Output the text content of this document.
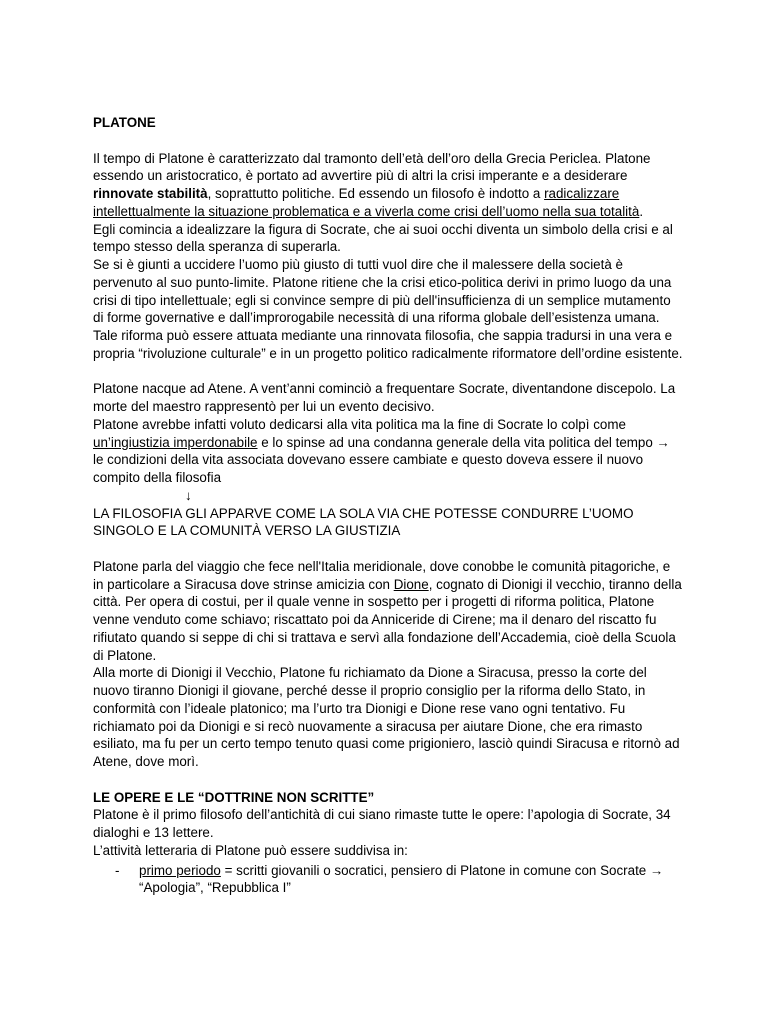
PLATONE

Il tempo di Platone è caratterizzato dal tramonto dell’età dell’oro della Grecia Periclea. Platone essendo un aristocratico, è portato ad avvertire più di altri la crisi imperante e a desiderare rinnovate stabilità, soprattutto politiche. Ed essendo un filosofo è indotto a radicalizzare intellettualmente la situazione problematica e a viverla come crisi dell’uomo nella sua totalità.

Egli comincia a idealizzare la figura di Socrate, che ai suoi occhi diventa un simbolo della crisi e al tempo stesso della speranza di superarla.

Se si è giunti a uccidere l’uomo più giusto di tutti vuol dire che il malessere della società è pervenuto al suo punto-limite. Platone ritiene che la crisi etico-politica derivi in primo luogo da una crisi di tipo intellettuale; egli si convince sempre di più dell'insufficienza di un semplice mutamento di forme governative e dall’improrogabile necessità di una riforma globale dell’esistenza umana. Tale riforma può essere attuata mediante una rinnovata filosofia, che sappia tradursi in una vera e propria “rivoluzione culturale” e in un progetto politico radicalmente riformatore dell’ordine esistente.

Platone nacque ad Atene. A vent’anni cominciò a frequentare Socrate, diventandone discepolo. La morte del maestro rappresentò per lui un evento decisivo.

Platone avrebbe infatti voluto dedicarsi alla vita politica ma la fine di Socrate lo colpì come un’ingiustizia imperdonabile e lo spinse ad una condanna generale della vita politica del tempo → le condizioni della vita associata dovevano essere cambiate e questo doveva essere il nuovo compito della filosofia

↓

LA FILOSOFIA GLI APPARVE COME LA SOLA VIA CHE POTESSE CONDURRE L’UOMO SINGOLO E LA COMUNITÀ VERSO LA GIUSTIZIA

Platone parla del viaggio che fece nell'Italia meridionale, dove conobbe le comunità pitagoriche, e in particolare a Siracusa dove strinse amicizia con Dione, cognato di Dionigi il vecchio, tiranno della città. Per opera di costui, per il quale venne in sospetto per i progetti di riforma politica, Platone venne venduto come schiavo; riscattato poi da Anniceride di Cirene; ma il denaro del riscatto fu rifiutato quando si seppe di chi si trattava e servì alla fondazione dell’Accademia, cioè della Scuola di Platone.

Alla morte di Dionigi il Vecchio, Platone fu richiamato da Dione a Siracusa, presso la corte del nuovo tiranno Dionigi il giovane, perché desse il proprio consiglio per la riforma dello Stato, in conformità con l’ideale platonico; ma l’urto tra Dionigi e Dione rese vano ogni tentativo. Fu richiamato poi da Dionigi e si recò nuovamente a siracusa per aiutare Dione, che era rimasto esiliato, ma fu per un certo tempo tenuto quasi come prigioniero, lasciò quindi Siracusa e ritornò ad Atene, dove morì.

LE OPERE E LE “DOTTRINE NON SCRITTE”

Platone è il primo filosofo dell’antichità di cui siano rimaste tutte le opere: l’apologia di Socrate, 34 dialoghi e 13 lettere.

L’attività letteraria di Platone può essere suddivisa in:

-	primo periodo = scritti giovanili o socratici, pensiero di Platone in comune con Socrate → “Apologia”, “Repubblica I”
